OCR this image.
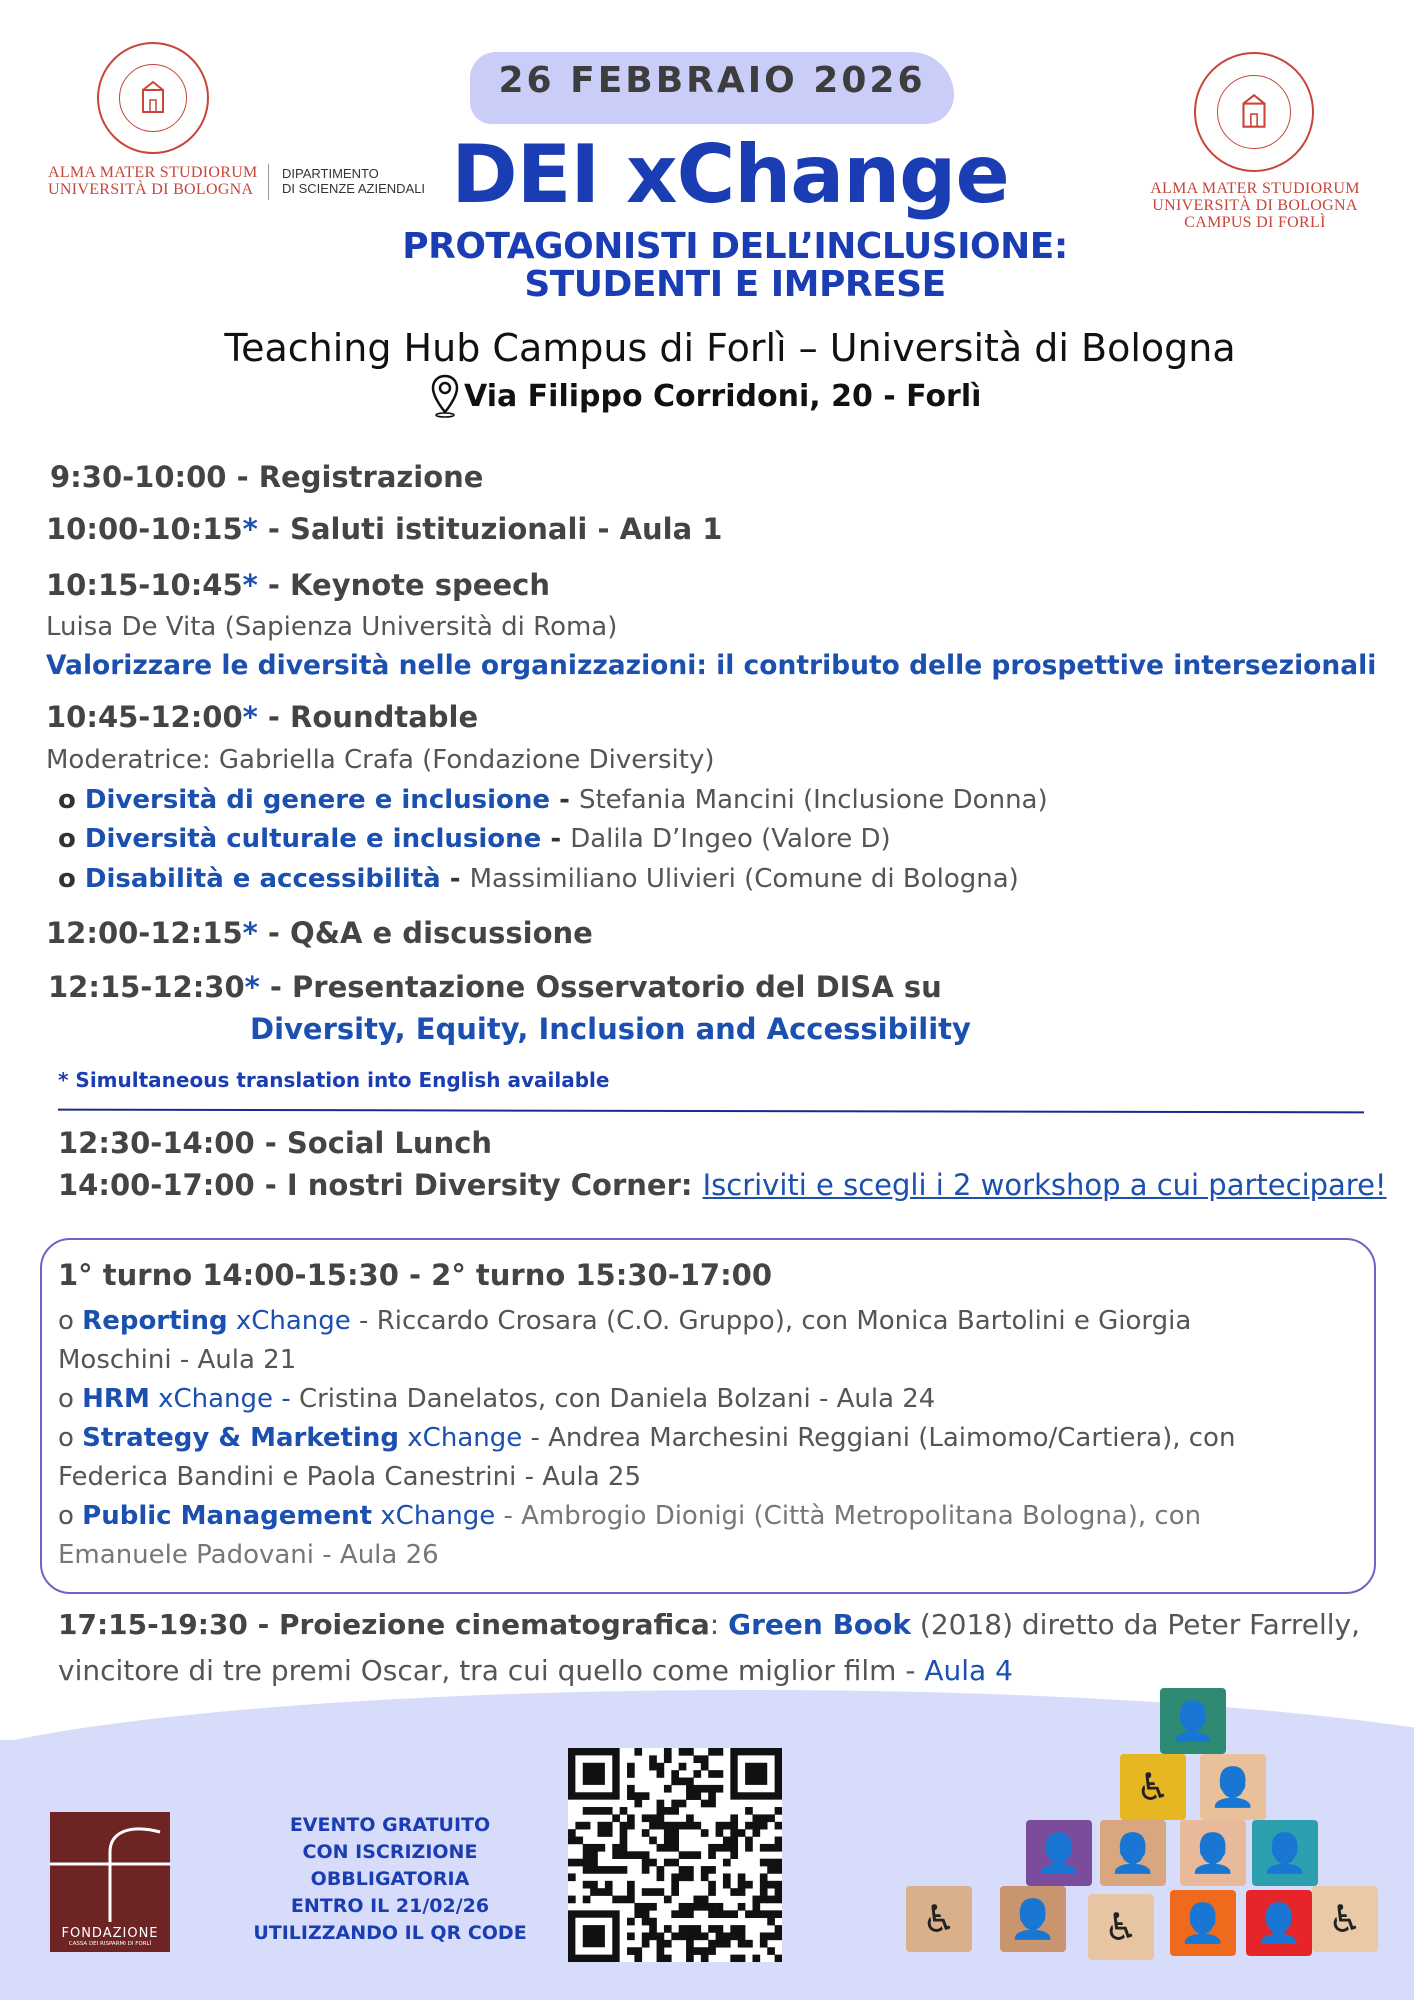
ALMA MATER STUDIORUM
UNIVERSITÀ DI BOLOGNA
DIPARTIMENTO
DI SCIENZE AZIENDALI	ALMA MATER STUDIORUM
UNIVERSITÀ DI BOLOGNA
CAMPUS DI FORLÌ
26 FEBBRAIO 2026
DEI xChange
PROTAGONISTI DELL’INCLUSIONE:
STUDENTI E IMPRESE
Teaching Hub Campus di Forlì – Università di Bologna
Via Filippo Corridoni, 20 - Forlì
9:30-10:00 - Registrazione
10:00-10:15* - Saluti istituzionali - Aula 1
10:15-10:45* - Keynote speech
Luisa De Vita (Sapienza Università di Roma)
Valorizzare le diversità nelle organizzazioni: il contributo delle prospettive intersezionali
10:45-12:00* - Roundtable
Moderatrice: Gabriella Crafa (Fondazione Diversity)
o Diversità di genere e inclusione - Stefania Mancini (Inclusione Donna)
o Diversità culturale e inclusione - Dalila D’Ingeo (Valore D)
o Disabilità e accessibilità - Massimiliano Ulivieri (Comune di Bologna)
12:00-12:15* - Q&A e discussione
12:15-12:30* - Presentazione Osservatorio del DISA su
Diversity, Equity, Inclusion and Accessibility
* Simultaneous translation into English available
12:30-14:00 - Social Lunch
14:00-17:00 - I nostri Diversity Corner: Iscriviti e scegli i 2 workshop a cui partecipare!
1° turno 14:00-15:30 - 2° turno 15:30-17:00
o Reporting xChange - Riccardo Crosara (C.O. Gruppo), con Monica Bartolini e Giorgia
Moschini - Aula 21
o HRM xChange - Cristina Danelatos, con Daniela Bolzani - Aula 24
o Strategy & Marketing xChange - Andrea Marchesini Reggiani (Laimomo/Cartiera), con
Federica Bandini e Paola Canestrini - Aula 25
o Public Management xChange - Ambrogio Dionigi (Città Metropolitana Bologna), con
Emanuele Padovani - Aula 26
17:15-19:30 - Proiezione cinematografica: Green Book (2018) diretto da Peter Farrelly,
vincitore di tre premi Oscar, tra cui quello come miglior film - Aula 4
FONDAZIONE
CASSA DEI RISPARMI DI FORLÌ
EVENTO GRATUITO
CON ISCRIZIONE
OBBLIGATORIA
ENTRO IL 21/02/26
UTILIZZANDO IL QR CODE
👤
♿	👤
👤 👤 👤 👤
♿	👤	♿	👤 👤 ♿
